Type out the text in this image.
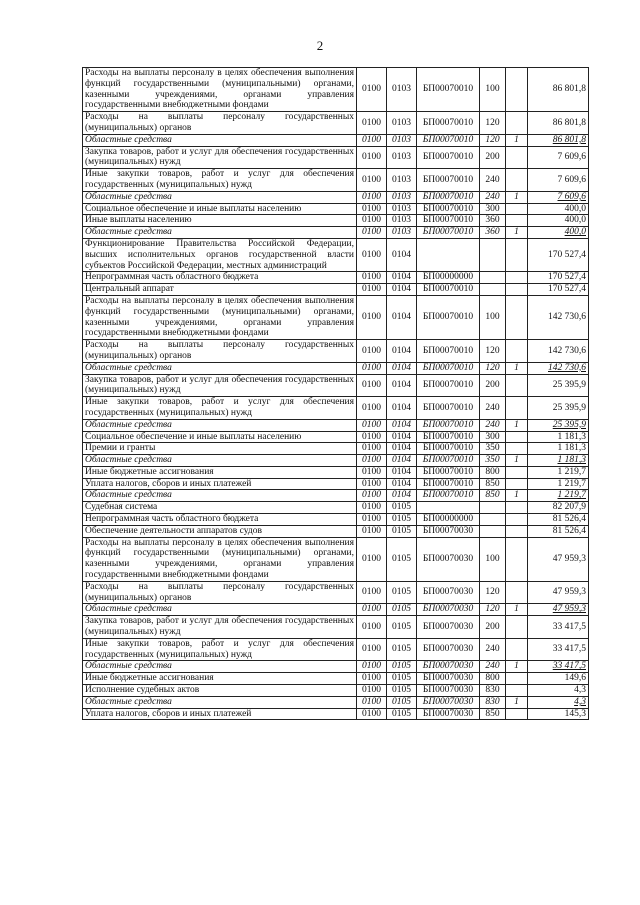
2
Расходы на выплаты персоналу в целях обеспечения выполнения функций государственными (муниципальными) органами, казенными учреждениями, органами управления государственными внебюджетными фондами	0100	0103	БП00070010	100		86 801,8
Расходы на выплаты персоналу государственных (муниципальных) органов	0100	0103	БП00070010	120		86 801,8
Областные средства	0100	0103	БП00070010	120	1	86 801,8
Закупка товаров, работ и услуг для обеспечения государственных (муниципальных) нужд	0100	0103	БП00070010	200		7 609,6
Иные закупки товаров, работ и услуг для обеспечения государственных (муниципальных) нужд	0100	0103	БП00070010	240		7 609,6
Областные средства	0100	0103	БП00070010	240	1	7 609,6
Социальное обеспечение и иные выплаты населению	0100	0103	БП00070010	300		400,0
Иные выплаты населению	0100	0103	БП00070010	360		400,0
Областные средства	0100	0103	БП00070010	360	1	400,0
Функционирование Правительства Российской Федерации, высших исполнительных органов государственной власти субъектов Российской Федерации, местных администраций	0100	0104				170 527,4
Непрограммная часть областного бюджета	0100	0104	БП00000000			170 527,4
Центральный аппарат	0100	0104	БП00070010			170 527,4
Расходы на выплаты персоналу в целях обеспечения выполнения функций государственными (муниципальными) органами, казенными учреждениями, органами управления государственными внебюджетными фондами	0100	0104	БП00070010	100		142 730,6
Расходы на выплаты персоналу государственных (муниципальных) органов	0100	0104	БП00070010	120		142 730,6
Областные средства	0100	0104	БП00070010	120	1	142 730,6
Закупка товаров, работ и услуг для обеспечения государственных (муниципальных) нужд	0100	0104	БП00070010	200		25 395,9
Иные закупки товаров, работ и услуг для обеспечения государственных (муниципальных) нужд	0100	0104	БП00070010	240		25 395,9
Областные средства	0100	0104	БП00070010	240	1	25 395,9
Социальное обеспечение и иные выплаты населению	0100	0104	БП00070010	300		1 181,3
Премии и гранты	0100	0104	БП00070010	350		1 181,3
Областные средства	0100	0104	БП00070010	350	1	1 181,3
Иные бюджетные ассигнования	0100	0104	БП00070010	800		1 219,7
Уплата налогов, сборов и иных платежей	0100	0104	БП00070010	850		1 219,7
Областные средства	0100	0104	БП00070010	850	1	1 219,7
Судебная система	0100	0105				82 207,9
Непрограммная часть областного бюджета	0100	0105	БП00000000			81 526,4
Обеспечение деятельности аппаратов судов	0100	0105	БП00070030			81 526,4
Расходы на выплаты персоналу в целях обеспечения выполнения функций государственными (муниципальными) органами, казенными учреждениями, органами управления государственными внебюджетными фондами	0100	0105	БП00070030	100		47 959,3
Расходы на выплаты персоналу государственных (муниципальных) органов	0100	0105	БП00070030	120		47 959,3
Областные средства	0100	0105	БП00070030	120	1	47 959,3
Закупка товаров, работ и услуг для обеспечения государственных (муниципальных) нужд	0100	0105	БП00070030	200		33 417,5
Иные закупки товаров, работ и услуг для обеспечения государственных (муниципальных) нужд	0100	0105	БП00070030	240		33 417,5
Областные средства	0100	0105	БП00070030	240	1	33 417,5
Иные бюджетные ассигнования	0100	0105	БП00070030	800		149,6
Исполнение судебных актов	0100	0105	БП00070030	830		4,3
Областные средства	0100	0105	БП00070030	830	1	4,3
Уплата налогов, сборов и иных платежей	0100	0105	БП00070030	850		145,3
